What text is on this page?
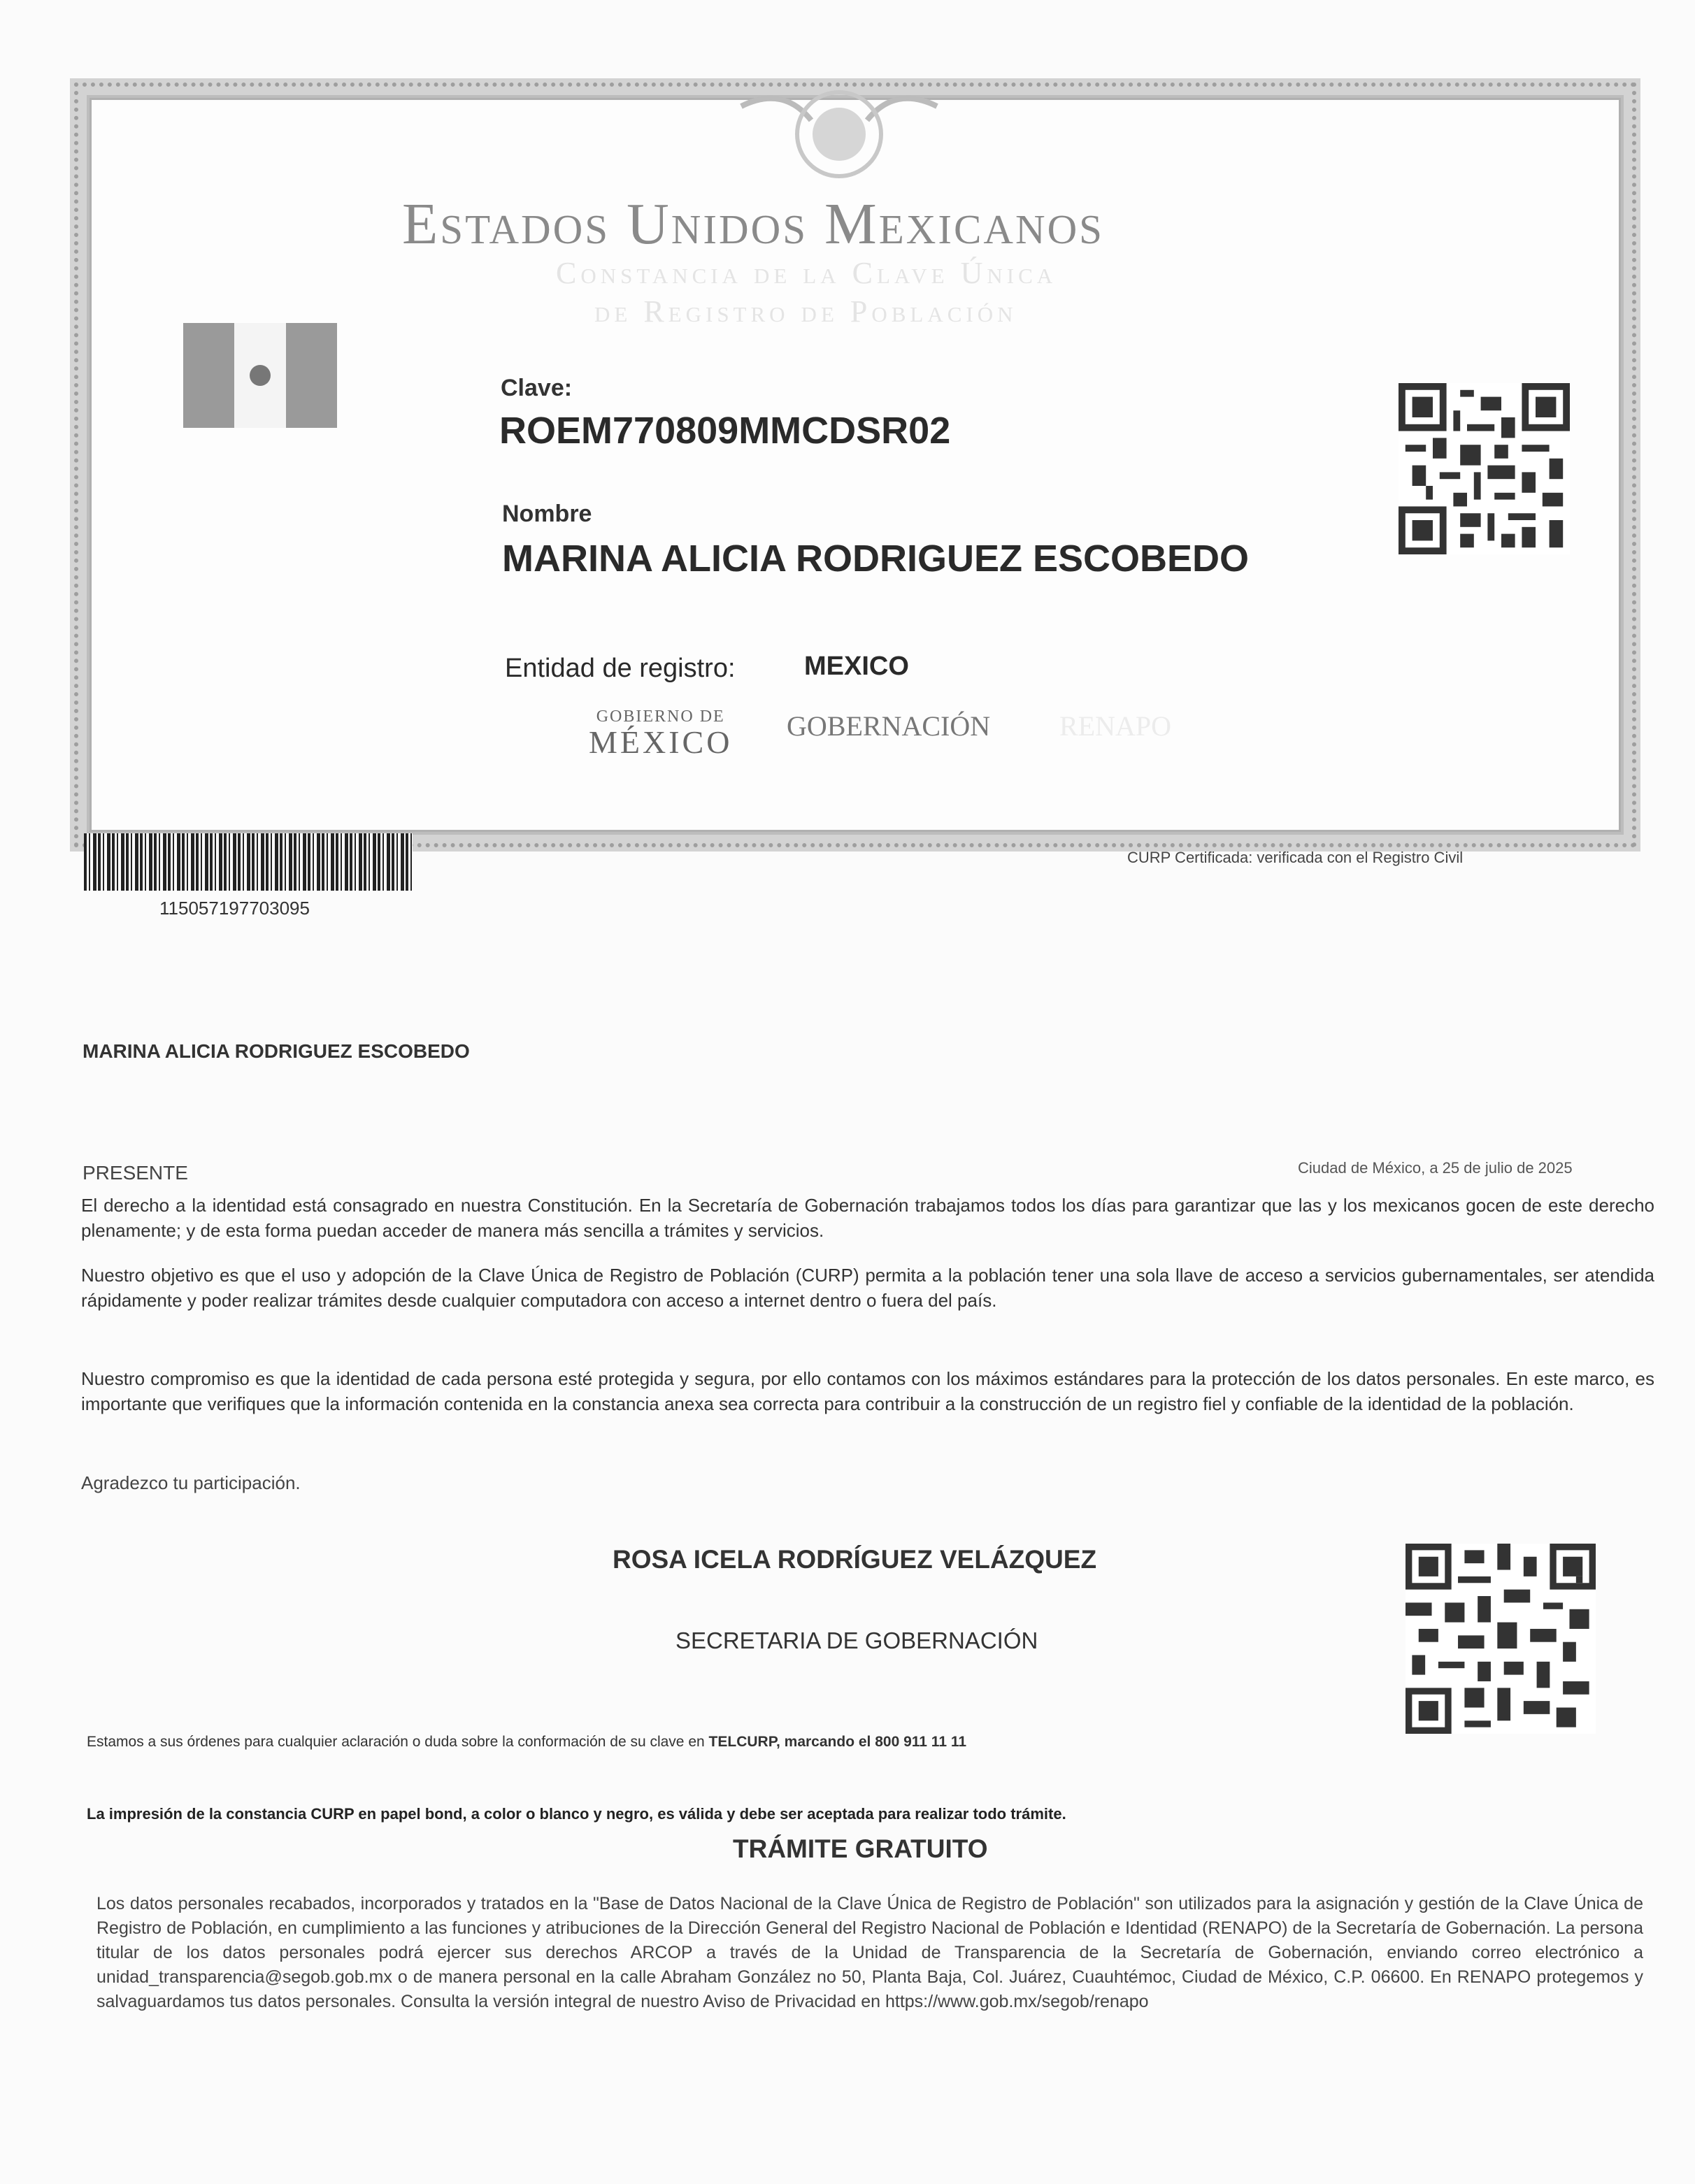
Estados Unidos Mexicanos
Constancia de la Clave Única
de Registro de Población
Clave:
ROEM770809MMCDSR02
Nombre
MARINA ALICIA RODRIGUEZ ESCOBEDO
Entidad de registro:	MEXICO
GOBIERNO DE
MÉXICO GOBERNACIÓN RENAPO
115057197703095
CURP Certificada: verificada con el Registro Civil
MARINA ALICIA RODRIGUEZ ESCOBEDO
PRESENTE	Ciudad de México, a 25 de julio de 2025
El derecho a la identidad está consagrado en nuestra Constitución. En la Secretaría de Gobernación trabajamos todos los días para garantizar que las y los mexicanos gocen de este derecho plenamente; y de esta forma puedan acceder de manera más sencilla a trámites y servicios.
Nuestro objetivo es que el uso y adopción de la Clave Única de Registro de Población (CURP) permita a la población tener una sola llave de acceso a servicios gubernamentales, ser atendida rápidamente y poder realizar trámites desde cualquier computadora con acceso a internet dentro o fuera del país.
Nuestro compromiso es que la identidad de cada persona esté protegida y segura, por ello contamos con los máximos estándares para la protección de los datos personales. En este marco, es importante que verifiques que la información contenida en la constancia anexa sea correcta para contribuir a la construcción de un registro fiel y confiable de la identidad de la población.
Agradezco tu participación.
ROSA ICELA RODRÍGUEZ VELÁZQUEZ
SECRETARIA DE GOBERNACIÓN
Estamos a sus órdenes para cualquier aclaración o duda sobre la conformación de su clave en TELCURP, marcando el 800 911 11 11
La impresión de la constancia CURP en papel bond, a color o blanco y negro, es válida y debe ser aceptada para realizar todo trámite.
TRÁMITE GRATUITO
Los datos personales recabados, incorporados y tratados en la "Base de Datos Nacional de la Clave Única de Registro de Población" son utilizados para la asignación y gestión de la Clave Única de Registro de Población, en cumplimiento a las funciones y atribuciones de la Dirección General del Registro Nacional de Población e Identidad (RENAPO) de la Secretaría de Gobernación. La persona titular de los datos personales podrá ejercer sus derechos ARCOP a través de la Unidad de Transparencia de la Secretaría de Gobernación, enviando correo electrónico a unidad_transparencia@segob.gob.mx o de manera personal en la calle Abraham González no 50, Planta Baja, Col. Juárez, Cuauhtémoc, Ciudad de México, C.P. 06600. En RENAPO protegemos y salvaguardamos tus datos personales. Consulta la versión integral de nuestro Aviso de Privacidad en https://www.gob.mx/segob/renapo
